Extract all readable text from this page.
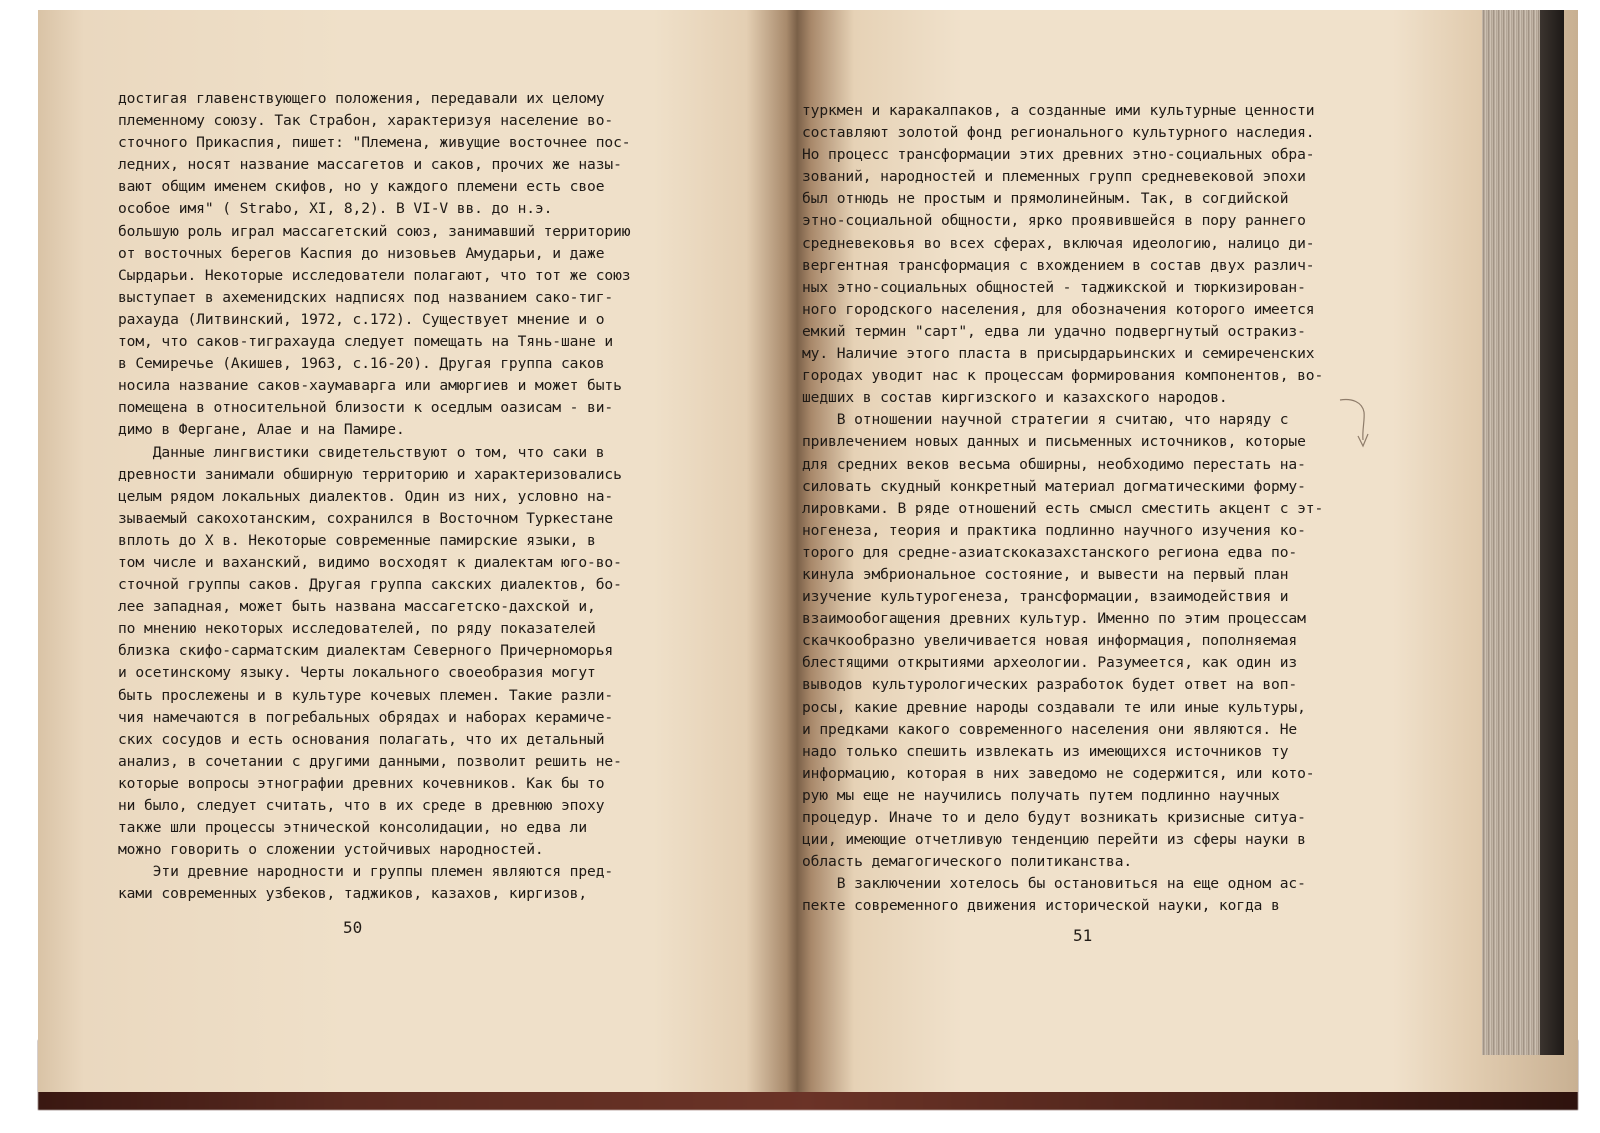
достигая главенствующего положения, передавали их целому
племенному союзу. Так Страбон, характеризуя население во-
сточного Прикаспия, пишет: "Племена, живущие восточнее пос-
ледних, носят название массагетов и саков, прочих же назы-
вают общим именем скифов, но у каждого племени есть свое
особое имя" ( Strabo, XI, 8,2). В VI-V вв. до н.э.
большую роль играл массагетский союз, занимавший территорию
от восточных берегов Каспия до низовьев Амударьи, и даже
Сырдарьи. Некоторые исследователи полагают, что тот же союз
выступает в ахеменидских надписях под названием сако-тиг-
рахауда (Литвинский, 1972, с.172). Существует мнение и о
том, что саков-тиграхауда следует помещать на Тянь-шане и
в Семиречье (Акишев, 1963, с.16-20). Другая группа саков
носила название саков-хаумаварга или амюргиев и может быть
помещена в относительной близости к оседлым оазисам - ви-
димо в Фергане, Алае и на Памире.
Данные лингвистики свидетельствуют о том, что саки в
древности занимали обширную территорию и характеризовались
целым рядом локальных диалектов. Один из них, условно на-
зываемый сакохотанским, сохранился в Восточном Туркестане
вплоть до X в. Некоторые современные памирские языки, в
том числе и ваханский, видимо восходят к диалектам юго-во-
сточной группы саков. Другая группа сакских диалектов, бо-
лее западная, может быть названа массагетско-дахской и,
по мнению некоторых исследователей, по ряду показателей
близка скифо-сарматским диалектам Северного Причерноморья
и осетинскому языку. Черты локального своеобразия могут
быть прослежены и в культуре кочевых племен. Такие разли-
чия намечаются в погребальных обрядах и наборах керамиче-
ских сосудов и есть основания полагать, что их детальный
анализ, в сочетании с другими данными, позволит решить не-
которые вопросы этнографии древних кочевников. Как бы то
ни было, следует считать, что в их среде в древнюю эпоху
также шли процессы этнической консолидации, но едва ли
можно говорить о сложении устойчивых народностей.
Эти древние народности и группы племен являются пред-
ками современных узбеков, таджиков, казахов, киргизов,
50
туркмен и каракалпаков, а созданные ими культурные ценности
составляют золотой фонд регионального культурного наследия.
Но процесс трансформации этих древних этно-социальных обра-
зований, народностей и племенных групп средневековой эпохи
был отнюдь не простым и прямолинейным. Так, в согдийской
этно-социальной общности, ярко проявившейся в пору раннего
средневековья во всех сферах, включая идеологию, налицо ди-
вергентная трансформация с вхождением в состав двух различ-
ных этно-социальных общностей - таджикской и тюркизирован-
ного городского населения, для обозначения которого имеется
емкий термин "сарт", едва ли удачно подвергнутый остракиз-
му. Наличие этого пласта в присырдарьинских и семиреченских
городах уводит нас к процессам формирования компонентов, во-
шедших в состав киргизского и казахского народов.
В отношении научной стратегии я считаю, что наряду с
привлечением новых данных и письменных источников, которые
для средних веков весьма обширны, необходимо перестать на-
силовать скудный конкретный материал догматическими форму-
лировками. В ряде отношений есть смысл сместить акцент с эт-
ногенеза, теория и практика подлинно научного изучения ко-
торого для средне-азиатскоказахстанского региона едва по-
кинула эмбриональное состояние, и вывести на первый план
изучение культурогенеза, трансформации, взаимодействия и
взаимообогащения древних культур. Именно по этим процессам
скачкообразно увеличивается новая информация, пополняемая
блестящими открытиями археологии. Разумеется, как один из
выводов культурологических разработок будет ответ на воп-
росы, какие древние народы создавали те или иные культуры,
и предками какого современного населения они являются. Не
надо только спешить извлекать из имеющихся источников ту
информацию, которая в них заведомо не содержится, или кото-
рую мы еще не научились получать путем подлинно научных
процедур. Иначе то и дело будут возникать кризисные ситуа-
ции, имеющие отчетливую тенденцию перейти из сферы науки в
область демагогического политиканства.
В заключении хотелось бы остановиться на еще одном ас-
пекте современного движения исторической науки, когда в
51
